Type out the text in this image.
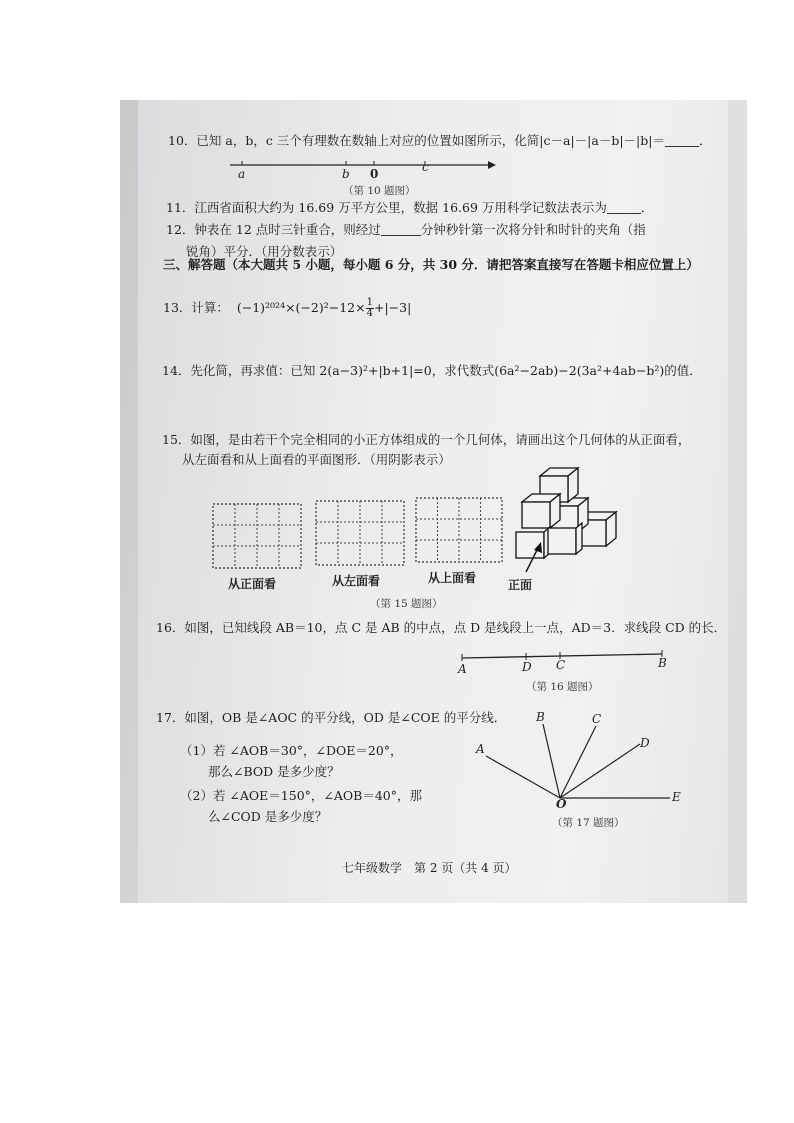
10．已知 a，b，c 三个有理数在数轴上对应的位置如图所示，化简|c－a|－|a－b|－|b|＝	．
a	b 0	c
（第 10 题图）
11．江西省面积大约为 16.69 万平方公里，数据 16.69 万用科学记数法表示为	．
12．钟表在 12 点时三针重合，则经过	分钟秒针第一次将分针和时针的夹角（指
锐角）平分．（用分数表示）
三、解答题（本大题共 5 小题，每小题 6 分，共 30 分．请把答案直接写在答题卡相应位置上）
13．计算： $(-1)^{2024}\times(-2)^2-12\times \frac{1}{4} +|-3|$
14．先化简，再求值：已知 2(a−3)²+|b+1|=0，求代数式(6a²−2ab)−2(3a²+4ab−b²)的值．
15．如图，是由若干个完全相同的小正方体组成的一个几何体，请画出这个几何体的从正面看，
从左面看和从上面看的平面图形．（用阴影表示）
从正面看	从左面看	从上面看	正面
（第 15 题图）
16．如图，已知线段 AB＝10，点 C 是 AB 的中点，点 D 是线段上一点，AD＝3．求线段 CD 的长．
A	D C	B
（第 16 题图）
17．如图，OB 是∠AOC 的平分线，OD 是∠COE 的平分线．
（1）若 ∠AOB＝30°，∠DOE＝20°，
那么∠BOD 是多少度？
（2）若 ∠AOE＝150°，∠AOB＝40°，那
么∠COD 是多少度？
A
B	C
D
E
O
（第 17 题图）
七年级数学　第 2 页（共 4 页）
